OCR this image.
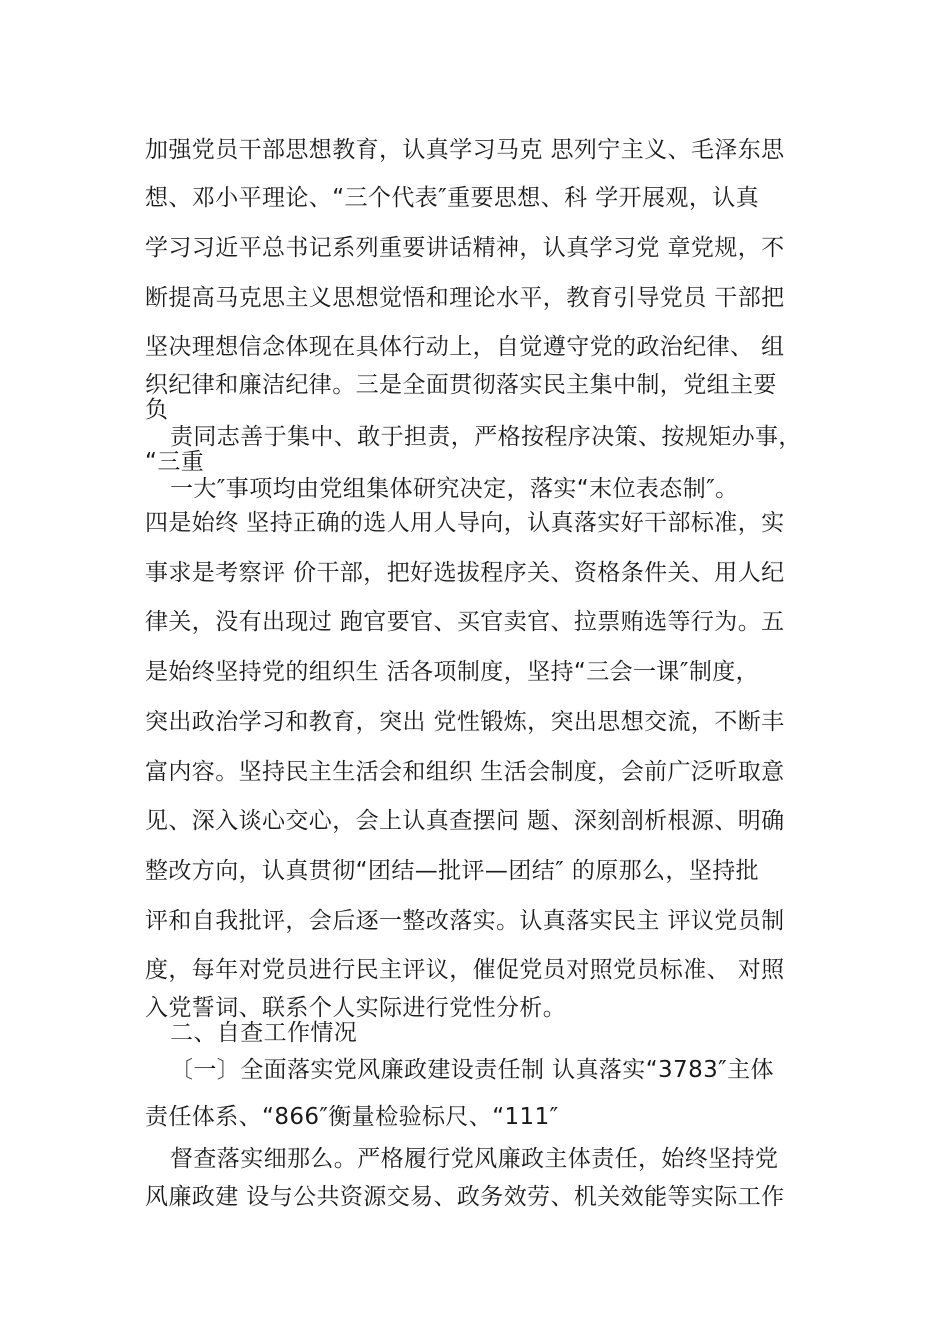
加强党员干部思想教育，认真学习马克 思列宁主义、毛泽东思
想、邓小平理论、“三个代表″重要思想、科 学开展观，认真
学习习近平总书记系列重要讲话精神，认真学习党 章党规，不
断提高马克思主义思想觉悟和理论水平，教育引导党员 干部把
坚决理想信念体现在具体行动上，自觉遵守党的政治纪律、 组
织纪律和廉洁纪律。三是全面贯彻落实民主集中制，党组主要
负
责同志善于集中、敢于担责，严格按程序决策、按规矩办事，
“三重
一大″事项均由党组集体研究决定，落实“末位表态制″。
四是始终 坚持正确的选人用人导向，认真落实好干部标准，实
事求是考察评 价干部，把好选拔程序关、资格条件关、用人纪
律关，没有出现过 跑官要官、买官卖官、拉票贿选等行为。五
是始终坚持党的组织生 活各项制度，坚持“三会一课″制度，
突出政治学习和教育，突出 党性锻炼，突出思想交流，不断丰
富内容。坚持民主生活会和组织 生活会制度，会前广泛听取意
见、深入谈心交心，会上认真查摆问 题、深刻剖析根源、明确
整改方向，认真贯彻“团结—批评—团结″ 的原那么，坚持批
评和自我批评，会后逐一整改落实。认真落实民主 评议党员制
度，每年对党员进行民主评议，催促党员对照党员标准、 对照
入党誓词、联系个人实际进行党性分析。
二、自查工作情况
〔一〕全面落实党风廉政建设责任制 认真落实“3783″主体
责任体系、“866″衡量检验标尺、“111″
督查落实细那么。严格履行党风廉政主体责任，始终坚持党
风廉政建 设与公共资源交易、政务效劳、机关效能等实际工作
